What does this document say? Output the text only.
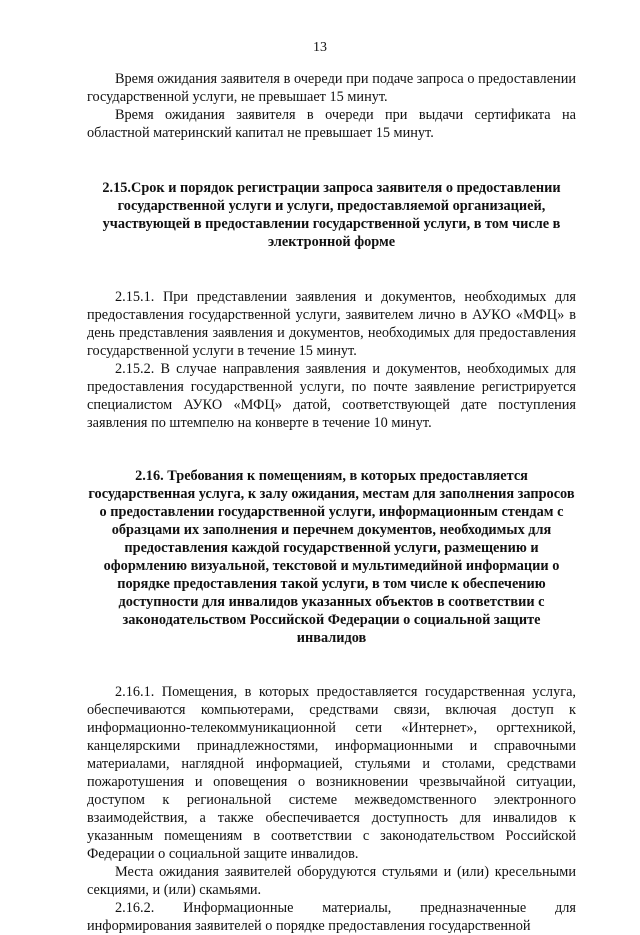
13

Время ожидания заявителя в очереди при подаче запроса о предоставлении государственной услуги, не превышает 15 минут.

Время ожидания заявителя в очереди при выдачи сертификата на областной материнский капитал не превышает 15 минут.

2.15.Срок и порядок регистрации запроса заявителя о предоставлении государственной услуги и услуги, предоставляемой организацией, участвующей в предоставлении государственной услуги, в том числе в электронной форме

2.15.1. При представлении заявления и документов, необходимых для предоставления государственной услуги, заявителем лично в АУКО «МФЦ» в день представления заявления и документов, необходимых для предоставления государственной услуги в течение 15 минут.

2.15.2. В случае направления заявления и документов, необходимых для предоставления государственной услуги, по почте заявление регистрируется специалистом АУКО «МФЦ» датой, соответствующей дате поступления заявления по штемпелю на конверте в течение 10 минут.

2.16. Требования к помещениям, в которых предоставляется государственная услуга, к залу ожидания, местам для заполнения запросов о предоставлении государственной услуги, информационным стендам с образцами их заполнения и перечнем документов, необходимых для предоставления каждой государственной услуги, размещению и оформлению визуальной, текстовой и мультимедийной информации о порядке предоставления такой услуги, в том числе к обеспечению доступности для инвалидов указанных объектов в соответствии с законодательством Российской Федерации о социальной защите инвалидов

2.16.1. Помещения, в которых предоставляется государственная услуга, обеспечиваются компьютерами, средствами связи, включая доступ к информационно-телекоммуникационной сети «Интернет», оргтехникой, канцелярскими принадлежностями, информационными и справочными материалами, наглядной информацией, стульями и столами, средствами пожаротушения и оповещения о возникновении чрезвычайной ситуации, доступом к региональной системе межведомственного электронного взаимодействия, а также обеспечивается доступность для инвалидов к указанным помещениям в соответствии с законодательством Российской Федерации о социальной защите инвалидов.

Места ожидания заявителей оборудуются стульями и (или) кресельными секциями, и (или) скамьями.

2.16.2. Информационные материалы, предназначенные для информирования заявителей о порядке предоставления государственной
